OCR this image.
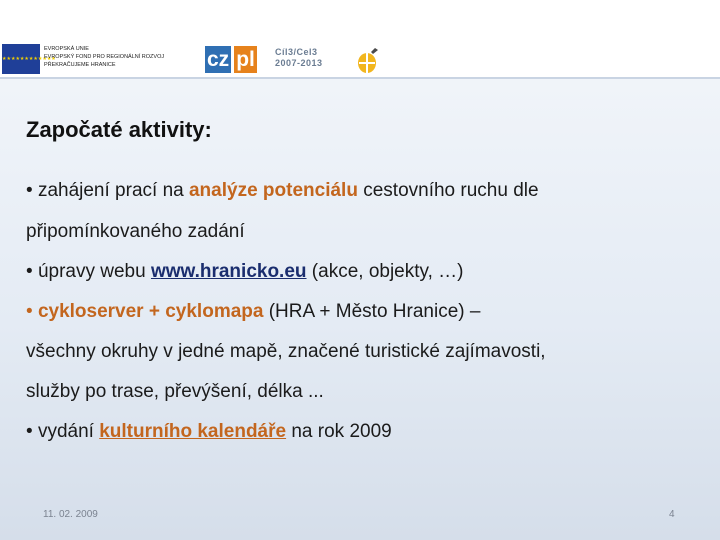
★★★★★★★★★★★★
EVROPSKÁ UNIE
EVROPSKÝ FOND PRO REGIONÁLNÍ ROZVOJ
PŘEKRAČUJEME HRANICE	cz pl Cíl3/Cel3
2007-2013
Započaté aktivity:
• zahájení prací na analýze potenciálu cestovního ruchu dle
připomínkovaného zadání
• úpravy webu www.hranicko.eu (akce, objekty, …)
• cykloserver + cyklomapa (HRA + Město Hranice) –
všechny okruhy v jedné mapě, značené turistické zajímavosti,
služby po trase, převýšení, délka ...
• vydání kulturního kalendáře na rok 2009
11. 02. 2009	4
